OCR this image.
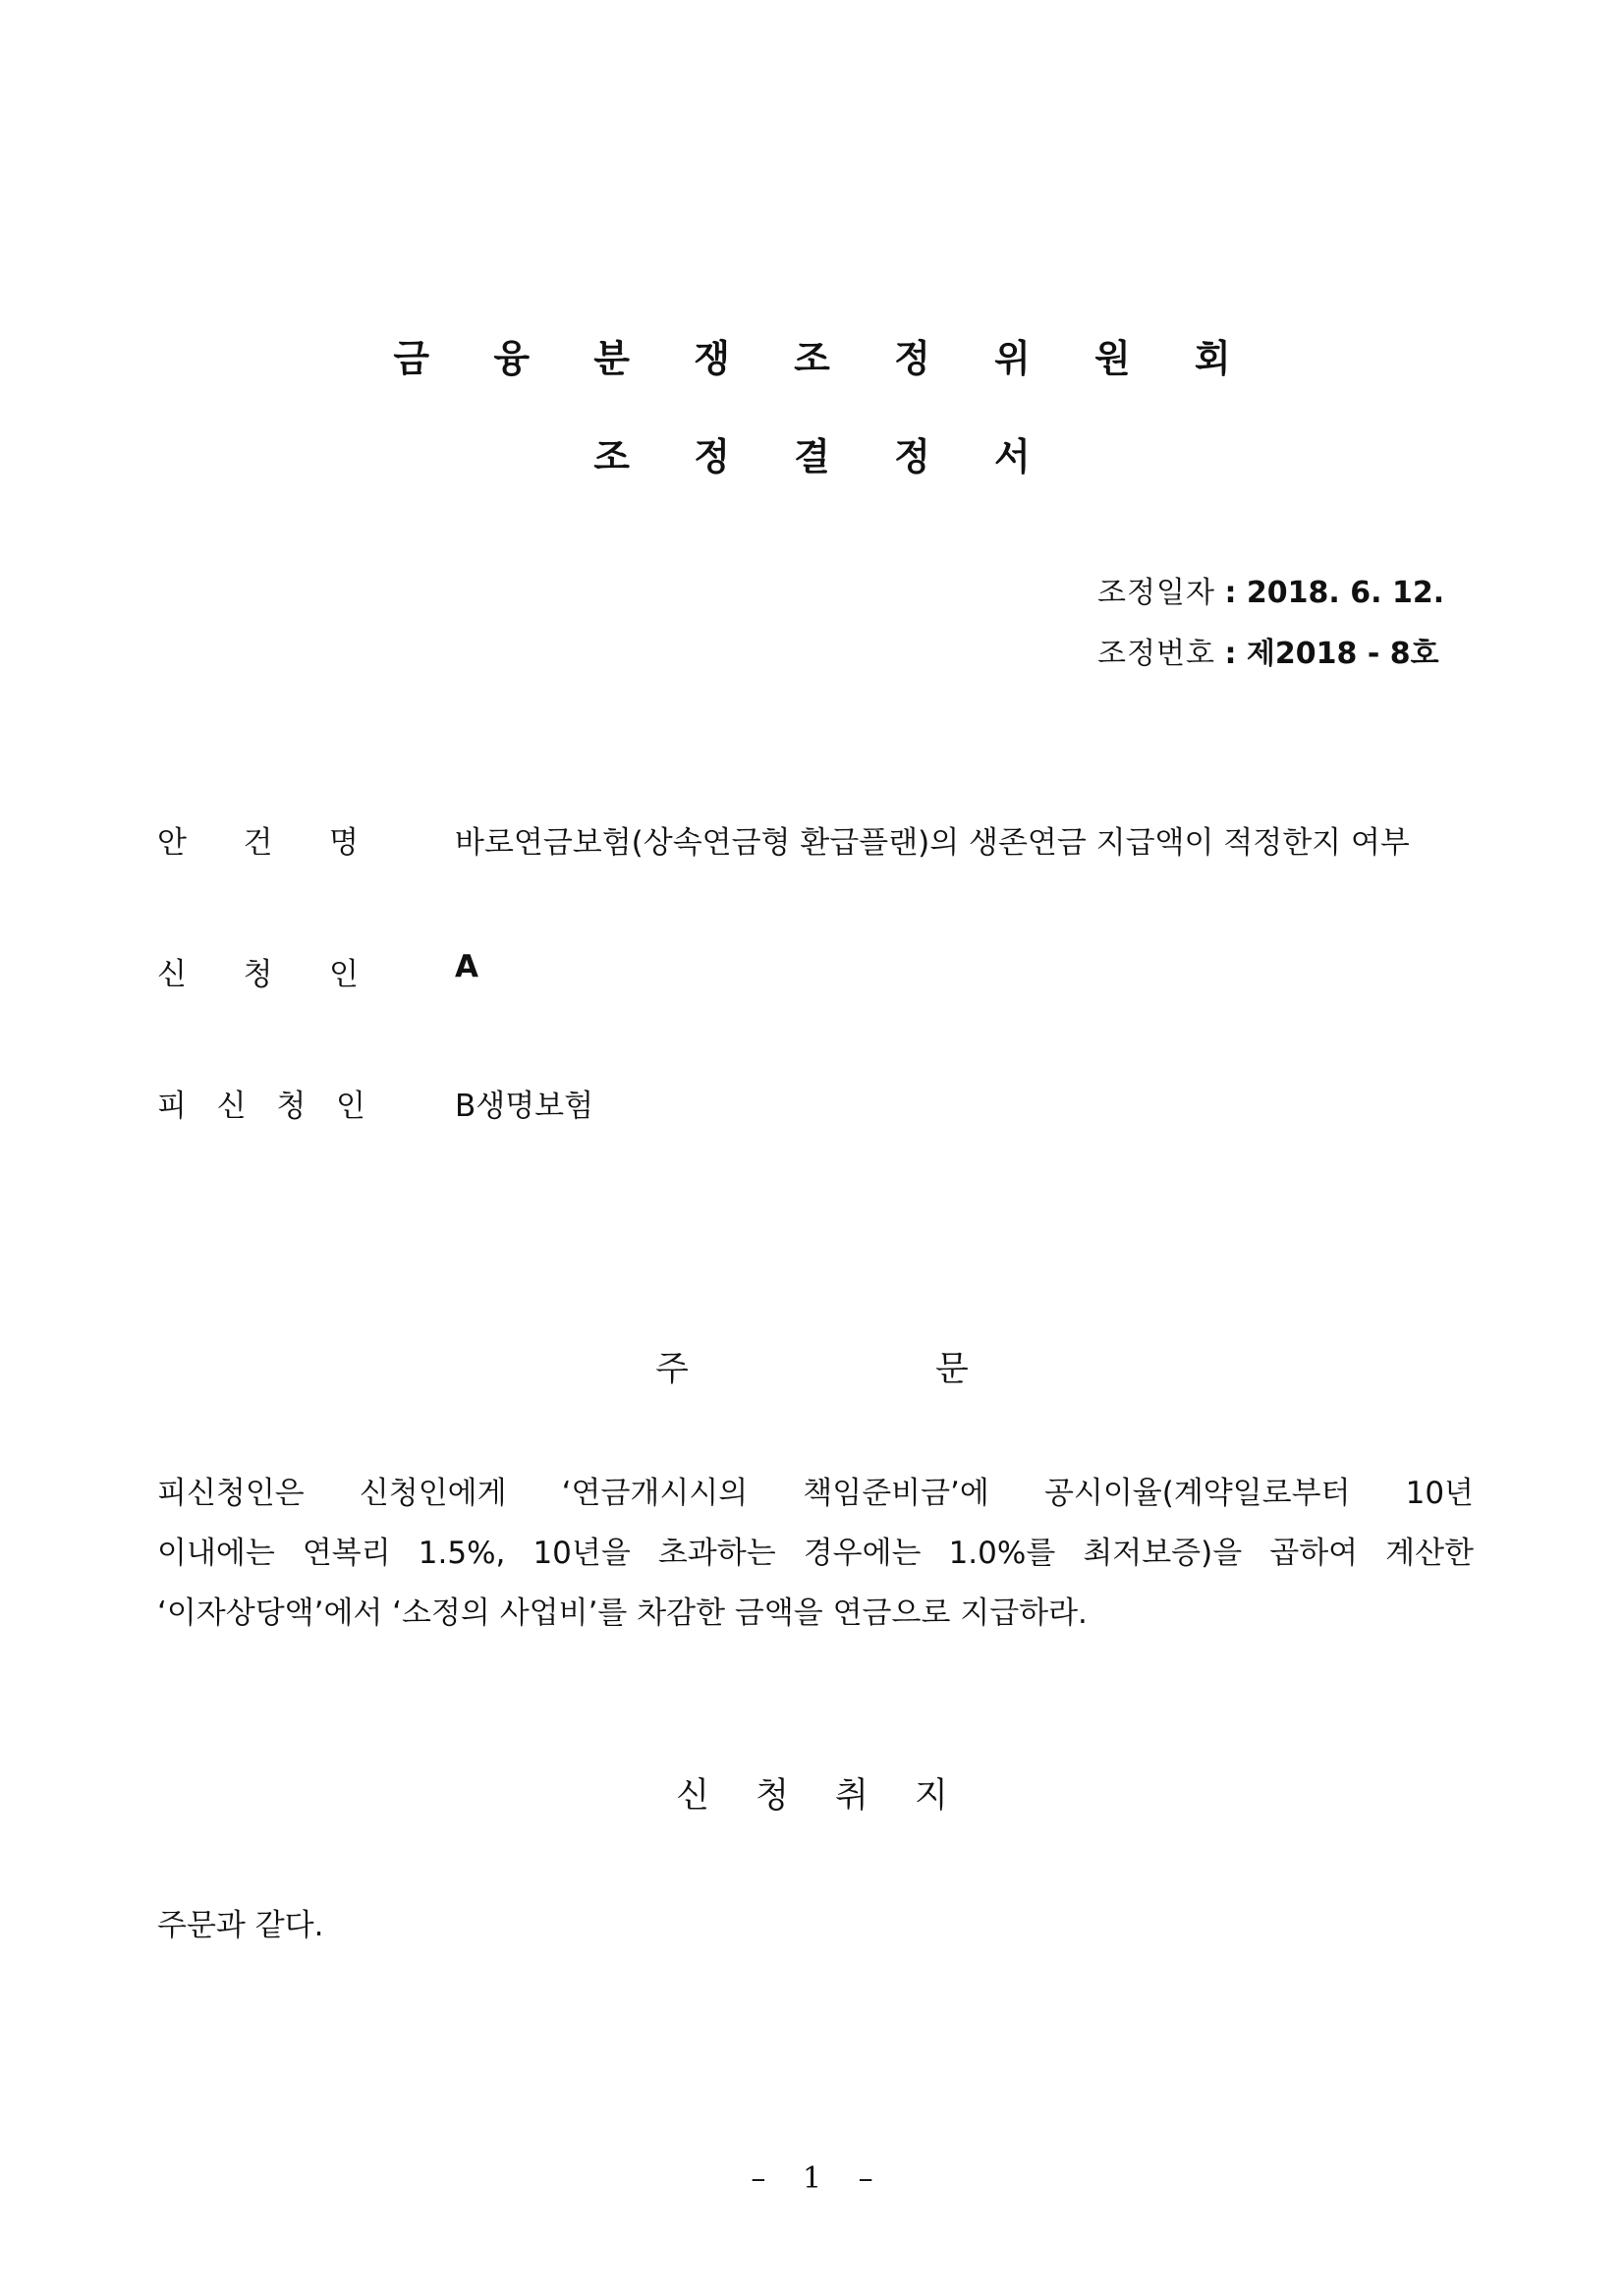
금 융 분 쟁 조 정 위 원 회
조 정 결 정 서
조정일자 : 2018. 6. 12.
조정번호 : 제2018 - 8호
안 건 명	바로연금보험(상속연금형 환급플랜)의 생존연금 지급액이 적정한지 여부
신 청 인	A
피 신 청 인	B생명보험
주 문
피신청인은 신청인에게 ‘연금개시시의 책임준비금’에 공시이율(계약일로부터 10년
이내에는 연복리 1.5%, 10년을 초과하는 경우에는 1.0%를 최저보증)을 곱하여 계산한
‘이자상당액’에서 ‘소정의 사업비’를 차감한 금액을 연금으로 지급하라.
신 청 취 지
주문과 같다.
– 1 –
